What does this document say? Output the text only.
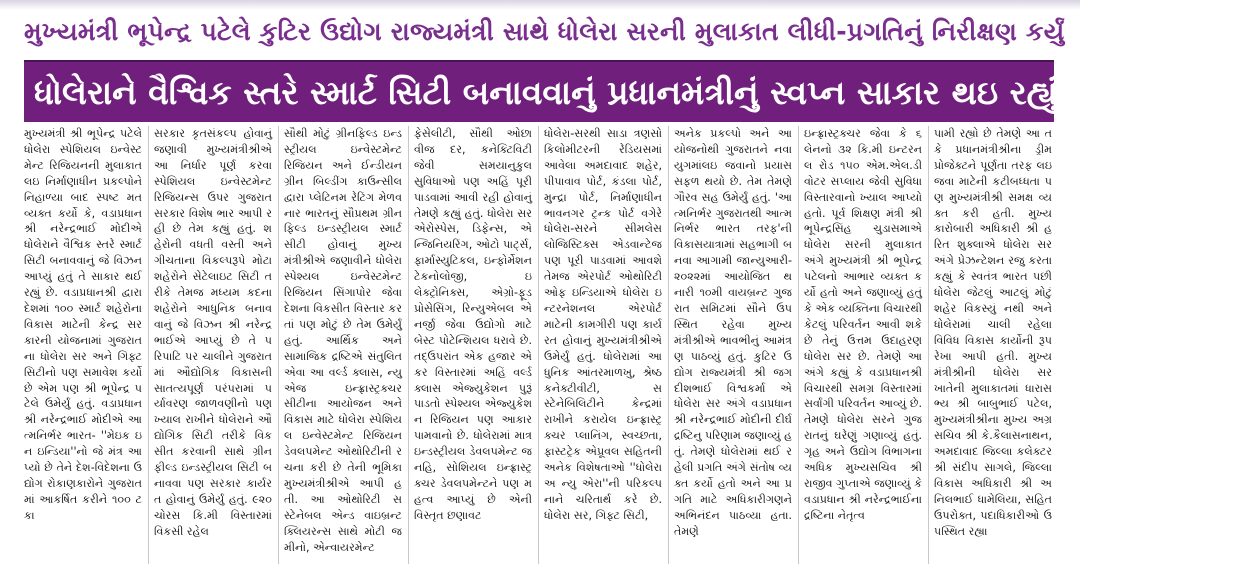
મુખ્યમંત્રી ભૂપેન્દ્ર પટેલે કુટિર ઉદ્યોગ રાજ્યમંત્રી સાથે ધોલેરા સરની મુલાકાત લીધી-પ્રગતિનું નિરીક્ષણ કર્યું
ધોલેરાને વૈશ્વિક સ્તરે સ્માર્ટ સિટી બનાવવાનું પ્રધાનમંત્રીનું સ્વપ્ન સાકાર થઇ રહ્યું છે : મુખ્યમંત્રી
મુખ્યમંત્રી શ્રી ભૂપેન્દ્ર પટેલે ધોલેરા સ્પેશિયલ ઇન્વેસ્ટમેન્ટ રિજિયનની મુલાકાત લઇ નિર્માણાધીન પ્રકલ્પોને નિહાળ્યા બાદ સ્પષ્ટ મત વ્યક્ત કર્યો કે, વડાપ્રધાન શ્રી નરેન્દ્રભાઈ મોદીએ ધોલેરાને વૈશ્વિક સ્તરે સ્માર્ટ સિટી બનાવવાનું જે વિઝન આપ્યું હતું તે સાકાર થઈ રહ્યું છે. વડાપ્રધાનશ્રી દ્વારા દેશમાં ૧૦૦ સ્માર્ટ શહેરોના વિકાસ માટેની કેન્દ્ર સરકારની યોજનામાં ગુજરાતના ધોલેરા સર અને ગિફ્ટ સિટીનો પણ સમાવેશ કર્યો છે એમ પણ શ્રી ભૂપેન્દ્ર પટેલે ઉમેર્યું હતું. વડાપ્રધાન શ્રી નરેન્દ્રભાઈ મોદીએ આત્મનિર્ભર ભારત- ''મેઇક ઇન ઇન્ડિયા''નો જે મંત્ર આપ્યો છે તેને દેશ-વિદેશના ઉદ્યોગ રોકાણકારોને ગુજરાતમાં આકર્ષિત કરીને ૧૦૦ ટકા
સરકાર કૃતસંકલ્પ હોવાનું જણાવી મુખ્યમંત્રીશ્રીએ આ નિર્ધાર પૂર્ણ કરવા સ્પેશિયલ ઇન્વેસ્ટમેન્ટ રિજિયન્સ ઉપર ગુજરાત સરકાર વિશેષ ભાર આપી રહી છે તેમ કહ્યું હતું. શહેરોની વધતી વસ્તી અને ગીચતાના વિકલ્પરૂપે મોટા શહેરોને સેટેલાઇટ સિટી તરીકે તેમજ મધ્યમ કદના શહેરોને આધુનિક બનાવવાનું જે વિઝન શ્રી નરેન્દ્રભાઈએ આપ્યું છે તે પરિપાટિ પર ચાલીને ગુજરાતમાં ઔદ્યોગિક વિકાસની સાતત્યપૂર્ણ પરંપરામાં પર્યાવરણ જાળવણીનો પણ ખ્યાલ રાખીને ધોલેરાને ઔદ્યોગિક સિટી તરીકે વિકસીત કરવાની સાથે ગ્રીન ફીલ્ડ ઇન્ડસ્ટ્રીયલ સિટી બનાવવા પણ સરકાર કાર્યરત હોવાનું ઉમેર્યું હતું. ૯૨૦ ચોરસ કિ.મી વિસ્તારમાં વિકસી રહેલ
સૌથી મોટું ગ્રીનફિલ્ડ ઇન્ડસ્ટ્રીયલ ઇન્વેસ્ટમેન્ટ રિજિયન અને ઈન્ડીયન ગ્રીન બિલ્ડીંગ કાઉન્સીલ દ્વારા પ્લેટિનમ રેટિંગ મેળવનાર ભારતનું સૌપ્રથમ ગ્રીનફિલ્ડ ઇન્ડસ્ટ્રીયલ સ્માર્ટસીટી હોવાનું મુખ્યમંત્રીશ્રીએ જણાવીને ધોલેરા સ્પેશ્યલ ઇન્વેસ્ટમેન્ટ રિજિયન સિંગાપોર જેવા દેશના વિકસીત વિસ્તાર કરતાં પણ મોટું છે તેમ ઉમેર્યું હતું. આર્થિક અને સામાજિક દ્રષ્ટિએ સંતુલિત એવા આ વર્લ્ડ ક્લાસ, ન્યુ એજ ઇન્ફ્રાસ્ટ્રક્ચર સીટીના આયોજન અને વિકાસ માટે ધોલેરા સ્પેશિયલ ઇન્વેસ્ટમેન્ટ રિજિયન ડેવલપમેન્ટ ઓથોરિટીની રચના કરી છે તેની ભૂમિકા મુખ્યમંત્રીશ્રીએ આપી હતી. આ ઓથોરિટી સસ્ટેનેબલ એન્ડ વાઇબ્રન્ટ ક્લિયરન્સ સાથે મોટી જમીનો, એન્વાયરમેન્ટ
ફેસેલીટી, સૌથી ઓછા વીજ દર, કનેક્ટિવિટી જેવી સમયાનુકુલ સુવિધાઓ પણ અહિં પૂરી પાડવામાં આવી રહી હોવાનું તેમણે કહ્યું હતું. ધોલેરા સર એરોસ્પેસ, ડિફેન્સ, એન્જિનિયરિંગ, ઓટો પાર્ટ્સ, ફાર્માસ્યુટિકલ, ઇન્ફોર્મેશન ટેકનોલોજી, ઇલેક્ટ્રોનિક્સ, એગ્રો-ફૂડ પ્રોસેસિંગ, રિન્યુએબલ એનર્જી જેવા ઉદ્યોગો માટે બેસ્ટ પોટેન્શિયલ ધરાવે છે. તદ્ઉપરાંત એક હજાર એકર વિસ્તારમાં અહિં વર્લ્ડ ક્લાસ એજ્યુકેશન પુરૂં પાડતો સ્પેશ્યલ એજ્યુકેશન રિજિયન પણ આકાર પામવાનો છે. ધોલેરામાં માત્ર ઇન્ડસ્ટ્રીયલ ડેવલપમેન્ટ જ નહિ, સોશિયલ ઇન્ફ્રાસ્ટ્રક્ચર ડેવલપમેન્ટને પણ મહત્વ આપ્યું છે એની વિસ્તૃત છણાવટ
ધોલેરા-સરથી સાડા ત્રણસો કિલોમીટરની રેડિયસમાં આવેલા અમદાવાદ શહેર, પીપાવાવ પોર્ટ, કંડલા પોર્ટ, મુન્દ્રા પોર્ટ, નિર્માણાધીન ભાવનગર ટ્રન્ક પોર્ટ વગેરે ધોલેરા-સરને સીમલેસ લોજિસ્ટિક્સ એડવાન્ટેજ પણ પૂરી પાડવામાં આવશે તેમજ એરપોર્ટ ઓથોરિટી ઓફ ઇન્ડિયાએ ધોલેરા ઇન્ટરનેશનલ એરપોર્ટ માટેની કામગીરી પણ કાર્યરત હોવાનું મુખ્યમંત્રીશ્રીએ ઉમેર્યું હતું. ધોલેરામાં આધુનિક આંતરમાળખુ, શ્રેષ્ઠ કનેક્ટીવીટી, સસ્ટેનેબિલિટીને કેન્દ્રમાં રાખીને કરાયેલ ઇન્ફ્રાસ્ટ્રક્ચર પ્લાનિંગ, સ્વચ્છતા, ફાસ્ટટ્રેક એપ્રૂવલ સહિતની અનેક વિશેષતાઓ ''ધોલેરા અ ન્યુ એરા''ની પરિકલ્પનાને ચરિતાર્થ કરે છે. ધોલેરા સર, ગિફ્ટ સિટી,
અનેક પ્રકલ્પો અને આયોજનોથી ગુજરાતને નવા યુગમાંલઇ જવાનો પ્રયાસ સફળ થયો છે. તેમ તેમણે ગૌરવ સહ ઉમેર્યું હતું. 'આત્મનિર્ભર ગુજરાતથી આત્મનિર્ભર ભારત તરફ'ની વિકાસયાત્રામાં સહભાગી બનવા આગામી જાન્યુઆરી-૨૦૨૨માં આયોજિત થનારી ૧૦મી વાયબ્રન્ટ ગુજરાત સમિટમાં સૌને ઉપસ્થિત રહેવા મુખ્યમંત્રીશ્રીએ ભાવભીનું આમંત્રણ પાઠવ્યું હતું. કુટિર ઉદ્યોગ રાજ્યમંત્રી શ્રી જગદીશભાઈ વિશ્વકર્મા એ ધોલેરા સર અંગે વડાપ્રધાન શ્રી નરેન્દ્રભાઈ મોદીની દીર્ઘદ્રષ્ટિનુ પરિણામ જણાવ્યું હતું. તેમણે ધોલેરામાં થઈ રહેલી પ્રગતિ અંગે સંતોષ વ્યક્ત કર્યો હતો અને આ પ્રગતિ માટે અધિકારીગણને અભિનંદન પાઠવ્યા હતા. તેમણે
ઇન્ફ્રાસ્ટ્રક્ચર જેવા કે ૬ લેનનો ૩૨ કિ.મી ઇન્ટરનલ રોડ ૧૫૦ એમ.એલ.ડી વોટર સપ્લાય જેવી સુવિધા વિસ્તારવાનો ખ્યાલ આપ્યો હતો. પૂર્વ શિક્ષણ મંત્રી શ્રી ભૂપેન્દ્રસિંહ ચુડાસમાએ ધોલેરા સરની મુલાકાત અંગે મુખ્યમંત્રી શ્રી ભૂપેન્દ્ર પટેલનો આભાર વ્યક્ત કર્યો હતો અને જણાવ્યું હતું કે એક વ્યક્તિના વિચારથી કેટલું પરિવર્તન આવી શકે છે તેનું ઉત્તમ ઉદાહરણ ધોલેરા સર છે. તેમણે આ અંગે કહ્યું કે વડાપ્રધાનશ્રી વિચારથી સમગ્ર વિસ્તારમાં સર્વાંગી પરિવર્તન આવ્યું છે. તેમણે ધોલેરા સરને ગુજરાતનું ઘરેણું ગણાવ્યું હતું. ગૃહ અને ઉદ્યોગ વિભાગના અધિક મુખ્યસચિવ શ્રી રાજીવ ગુપ્તાએ જણાવ્યું કે વડાપ્રધાન શ્રી નરેન્દ્રભાઈના દ્રષ્ટિના નેતૃત્વ
પામી રહ્યો છે તેમણે આ તકે પ્રધાનમંત્રીશ્રીના ડ્રીમ પ્રોજેક્ટને પૂર્ણતા તરફ લઇ જવા માટેની કટીબધ્ધતા પણ મુખ્યમંત્રીશ્રી સમક્ષ વ્યક્ત કરી હતી. મુખ્ય કારોબારી અધિકારી શ્રી હરિત શુક્લાએ ધોલેરા સર અંગે પ્રેઝન્ટેશન રજુ કરતા કહ્યું કે સ્વતંત્ર ભારત પછી ધોલેરા જેટલું આટલું મોટું શહેર વિકસ્યું નથી અને ધોલેરામાં ચાલી રહેલા વિવિધ વિકાસ કાર્યોની રૂપરેખા આપી હતી. મુખ્યમંત્રીશ્રીની ધોલેરા સર ખાતેની મુલાકાતમાં ધારાસભ્ય શ્રી બાબુભાઈ પટેલ, મુખ્યમંત્રીશ્રીના મુખ્ય અગ્ર સચિવ શ્રી કે.કૈલાસનાથન, અમદાવાદ જિલ્લા કલેક્ટર શ્રી સંદીપ સાગલે, જિલ્લા વિકાસ અધિકારી શ્રી અનિલભાઈ ધામેલિયા, સહિત ઉપરોક્ત, પદાધિકારીઓ ઉપસ્થિત રહ્યા
